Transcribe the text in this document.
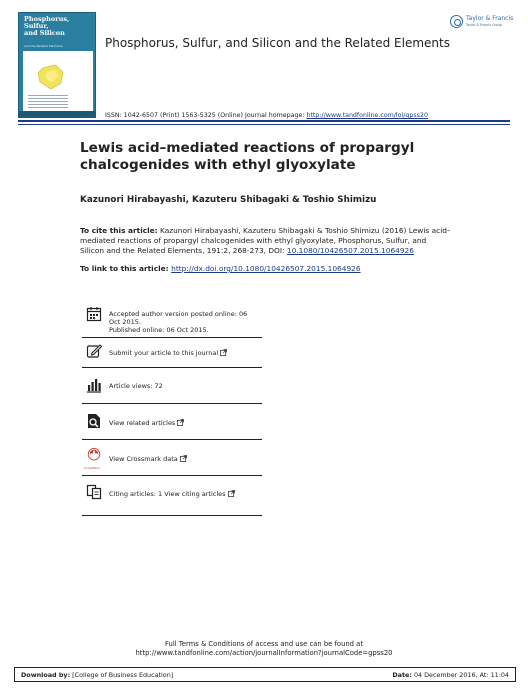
Phosphorus,
Sulfur,
and Silicon
and the Related Elements
Taylor & Francis
Taylor & Francis Group
Phosphorus, Sulfur, and Silicon and the Related Elements
ISSN: 1042-6507 (Print) 1563-5325 (Online) Journal homepage: http://www.tandfonline.com/loi/gpss20
Lewis acid–mediated reactions of propargyl
chalcogenides with ethyl glyoxylate
Kazunori Hirabayashi, Kazuteru Shibagaki & Toshio Shimizu
To cite this article: Kazunori Hirabayashi, Kazuteru Shibagaki & Toshio Shimizu (2016) Lewis acid–mediated reactions of propargyl chalcogenides with ethyl glyoxylate, Phosphorus, Sulfur, and Silicon and the Related Elements, 191:2, 268-273, DOI: 10.1080/10426507.2015.1064926
To link to this article: http://dx.doi.org/10.1080/10426507.2015.1064926
Accepted author version posted online: 06 Oct 2015.
Published online: 06 Oct 2015.
Submit your article to this journal
Article views: 72
View related articles
CrossMark
View Crossmark data
Citing articles: 1 View citing articles
Full Terms & Conditions of access and use can be found at
http://www.tandfonline.com/action/journalInformation?journalCode=gpss20
Download by: [College of Business Education]	Date: 04 December 2016, At: 11:04
